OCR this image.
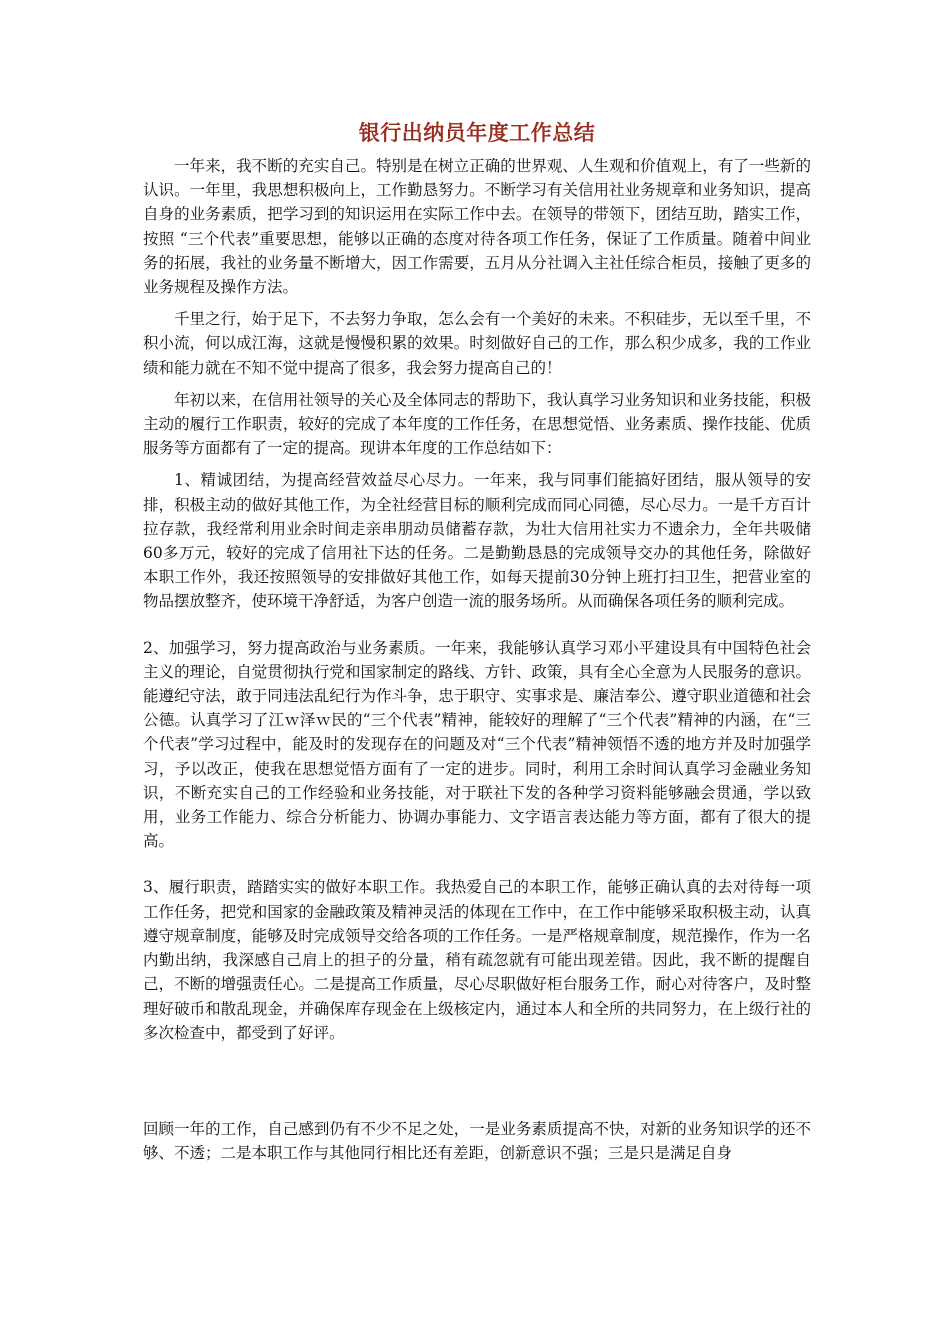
银行出纳员年度工作总结

一年来，我不断的充实自己。特别是在树立正确的世界观、人生观和价值观上，有了一些新的认识。一年里，我思想积极向上，工作勤恳努力。不断学习有关信用社业务规章和业务知识，提高自身的业务素质，把学习到的知识运用在实际工作中去。在领导的带领下，团结互助，踏实工作，按照 “三个代表”重要思想，能够以正确的态度对待各项工作任务，保证了工作质量。随着中间业务的拓展，我社的业务量不断增大，因工作需要，五月从分社调入主社任综合柜员，接触了更多的业务规程及操作方法。

千里之行，始于足下，不去努力争取，怎么会有一个美好的未来。不积硅步，无以至千里，不积小流，何以成江海，这就是慢慢积累的效果。时刻做好自己的工作，那么积少成多，我的工作业绩和能力就在不知不觉中提高了很多，我会努力提高自己的！

年初以来，在信用社领导的关心及全体同志的帮助下，我认真学习业务知识和业务技能，积极主动的履行工作职责，较好的完成了本年度的工作任务，在思想觉悟、业务素质、操作技能、优质服务等方面都有了一定的提高。现讲本年度的工作总结如下：

1、精诚团结，为提高经营效益尽心尽力。一年来，我与同事们能搞好团结，服从领导的安排，积极主动的做好其他工作，为全社经营目标的顺利完成而同心同德，尽心尽力。一是千方百计拉存款，我经常利用业余时间走亲串朋动员储蓄存款，为壮大信用社实力不遗余力，全年共吸储60多万元，较好的完成了信用社下达的任务。二是勤勤恳恳的完成领导交办的其他任务，除做好本职工作外，我还按照领导的安排做好其他工作，如每天提前30分钟上班打扫卫生，把营业室的物品摆放整齐，使环境干净舒适，为客户创造一流的服务场所。从而确保各项任务的顺利完成。

2、加强学习，努力提高政治与业务素质。一年来，我能够认真学习邓小平建设具有中国特色社会主义的理论，自觉贯彻执行党和国家制定的路线、方针、政策，具有全心全意为人民服务的意识。能遵纪守法，敢于同违法乱纪行为作斗争，忠于职守、实事求是、廉洁奉公、遵守职业道德和社会公德。认真学习了江ｗ泽ｗ民的“三个代表”精神，能较好的理解了“三个代表”精神的内涵，在“三个代表”学习过程中，能及时的发现存在的问题及对“三个代表”精神领悟不透的地方并及时加强学习，予以改正，使我在思想觉悟方面有了一定的进步。同时，利用工余时间认真学习金融业务知识，不断充实自己的工作经验和业务技能，对于联社下发的各种学习资料能够融会贯通，学以致用，业务工作能力、综合分析能力、协调办事能力、文字语言表达能力等方面，都有了很大的提高。

3、履行职责，踏踏实实的做好本职工作。我热爱自己的本职工作，能够正确认真的去对待每一项工作任务，把党和国家的金融政策及精神灵活的体现在工作中，在工作中能够采取积极主动，认真遵守规章制度，能够及时完成领导交给各项的工作任务。一是严格规章制度，规范操作，作为一名内勤出纳，我深感自己肩上的担子的分量，稍有疏忽就有可能出现差错。因此，我不断的提醒自己，不断的增强责任心。二是提高工作质量，尽心尽职做好柜台服务工作，耐心对待客户，及时整理好破币和散乱现金，并确保库存现金在上级核定内，通过本人和全所的共同努力，在上级行社的多次检查中，都受到了好评。

回顾一年的工作，自己感到仍有不少不足之处，一是业务素质提高不快，对新的业务知识学的还不够、不透；二是本职工作与其他同行相比还有差距，创新意识不强；三是只是满足自身
